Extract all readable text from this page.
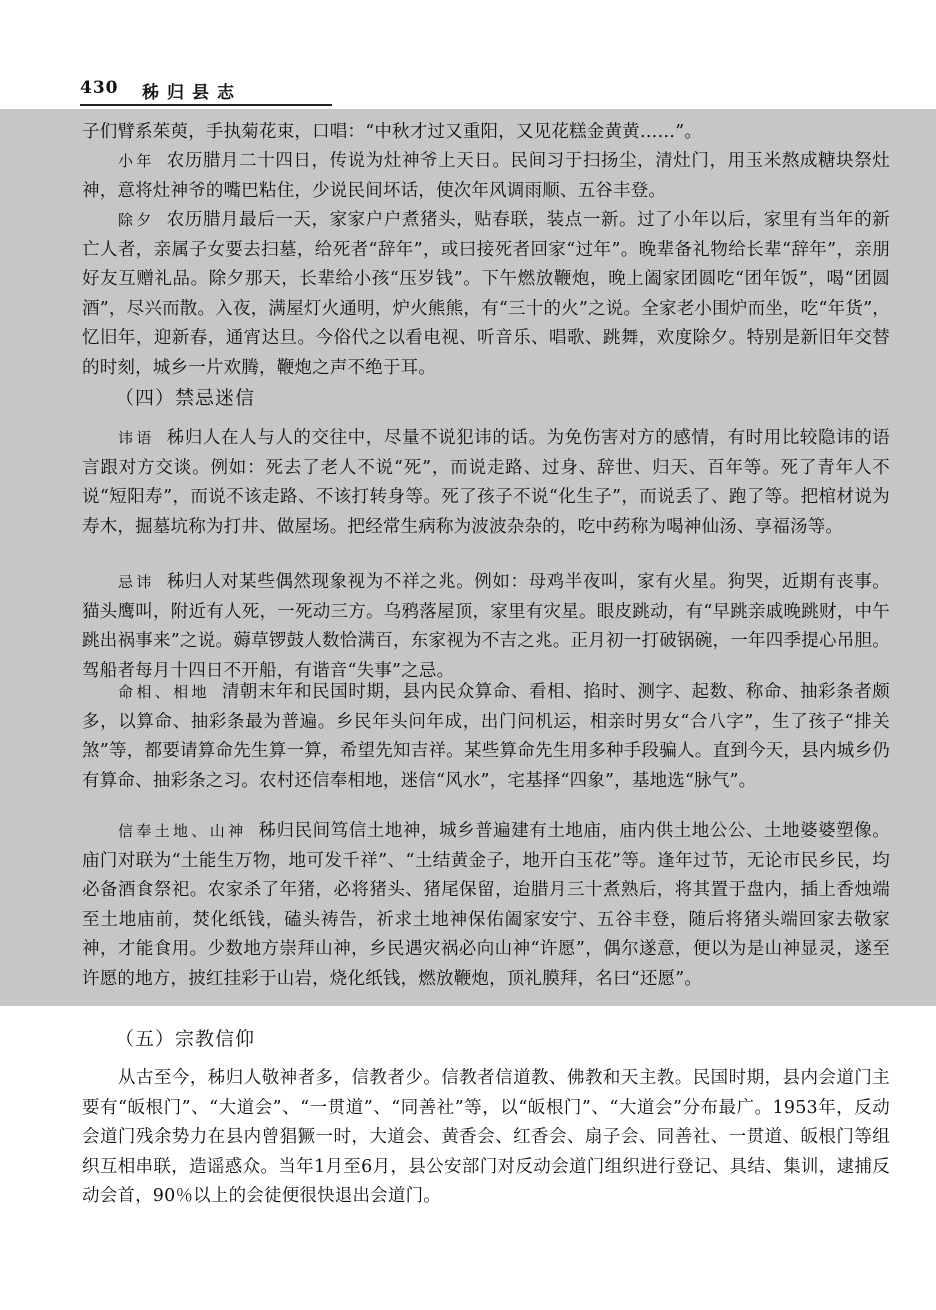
430 秭归县志

子们臂系茱萸，手执菊花束，口唱：“中秋才过又重阳，又见花糕金黄黄……”。

小年 农历腊月二十四日，传说为灶神爷上天日。民间习于扫扬尘，清灶门，用玉米熬成糖块祭灶神，意将灶神爷的嘴巴粘住，少说民间坏话，使次年风调雨顺、五谷丰登。

除夕 农历腊月最后一天，家家户户煮猪头，贴春联，装点一新。过了小年以后，家里有当年的新亡人者，亲属子女要去扫墓，给死者“辞年”，或曰接死者回家“过年”。晚辈备礼物给长辈“辞年”，亲朋好友互赠礼品。除夕那天，长辈给小孩“压岁钱”。下午燃放鞭炮，晚上阖家团圆吃“团年饭”，喝“团圆酒”，尽兴而散。入夜，满屋灯火通明，炉火熊熊，有“三十的火”之说。全家老小围炉而坐，吃“年货”，忆旧年，迎新春，通宵达旦。今俗代之以看电视、听音乐、唱歌、跳舞，欢度除夕。特别是新旧年交替的时刻，城乡一片欢腾，鞭炮之声不绝于耳。

（四）禁忌迷信

讳语 秭归人在人与人的交往中，尽量不说犯讳的话。为免伤害对方的感情，有时用比较隐讳的语言跟对方交谈。例如：死去了老人不说“死”，而说走路、过身、辞世、归天、百年等。死了青年人不说“短阳寿”，而说不该走路、不该打转身等。死了孩子不说“化生子”，而说丢了、跑了等。把棺材说为寿木，掘墓坑称为打井、做屋场。把经常生病称为波波杂杂的，吃中药称为喝神仙汤、享福汤等。

忌讳 秭归人对某些偶然现象视为不祥之兆。例如：母鸡半夜叫，家有火星。狗哭，近期有丧事。猫头鹰叫，附近有人死，一死动三方。乌鸦落屋顶，家里有灾星。眼皮跳动，有“早跳亲戚晚跳财，中午跳出祸事来”之说。薅草锣鼓人数恰满百，东家视为不吉之兆。正月初一打破锅碗，一年四季提心吊胆。驾船者每月十四日不开船，有谐音“失事”之忌。

命相、相地 清朝末年和民国时期，县内民众算命、看相、掐时、测字、起数、称命、抽彩条者颇多，以算命、抽彩条最为普遍。乡民年头问年成，出门问机运，相亲时男女“合八字”，生了孩子“排关煞”等，都要请算命先生算一算，希望先知吉祥。某些算命先生用多种手段骗人。直到今天，县内城乡仍有算命、抽彩条之习。农村还信奉相地，迷信“风水”，宅基择“四象”，基地选“脉气”。

信奉土地、山神 秭归民间笃信土地神，城乡普遍建有土地庙，庙内供土地公公、土地婆婆塑像。庙门对联为“土能生万物，地可发千祥”、“土结黄金子，地开白玉花”等。逢年过节，无论市民乡民，均必备酒食祭祀。农家杀了年猪，必将猪头、猪尾保留，迨腊月三十煮熟后，将其置于盘内，插上香烛端至土地庙前，焚化纸钱，磕头祷告，祈求土地神保佑阖家安宁、五谷丰登，随后将猪头端回家去敬家神，才能食用。少数地方崇拜山神，乡民遇灾祸必向山神“许愿”，偶尔遂意，便以为是山神显灵，遂至许愿的地方，披红挂彩于山岩，烧化纸钱，燃放鞭炮，顶礼膜拜，名曰“还愿”。

（五）宗教信仰

从古至今，秭归人敬神者多，信教者少。信教者信道教、佛教和天主教。民国时期，县内会道门主要有“皈根门”、“大道会”、“一贯道”、“同善社”等，以“皈根门”、“大道会”分布最广。1953年，反动会道门残余势力在县内曾猖獗一时，大道会、黄香会、红香会、扇子会、同善社、一贯道、皈根门等组织互相串联，造谣惑众。当年1月至6月，县公安部门对反动会道门组织进行登记、具结、集训，逮捕反动会首，90％以上的会徒便很快退出会道门。
